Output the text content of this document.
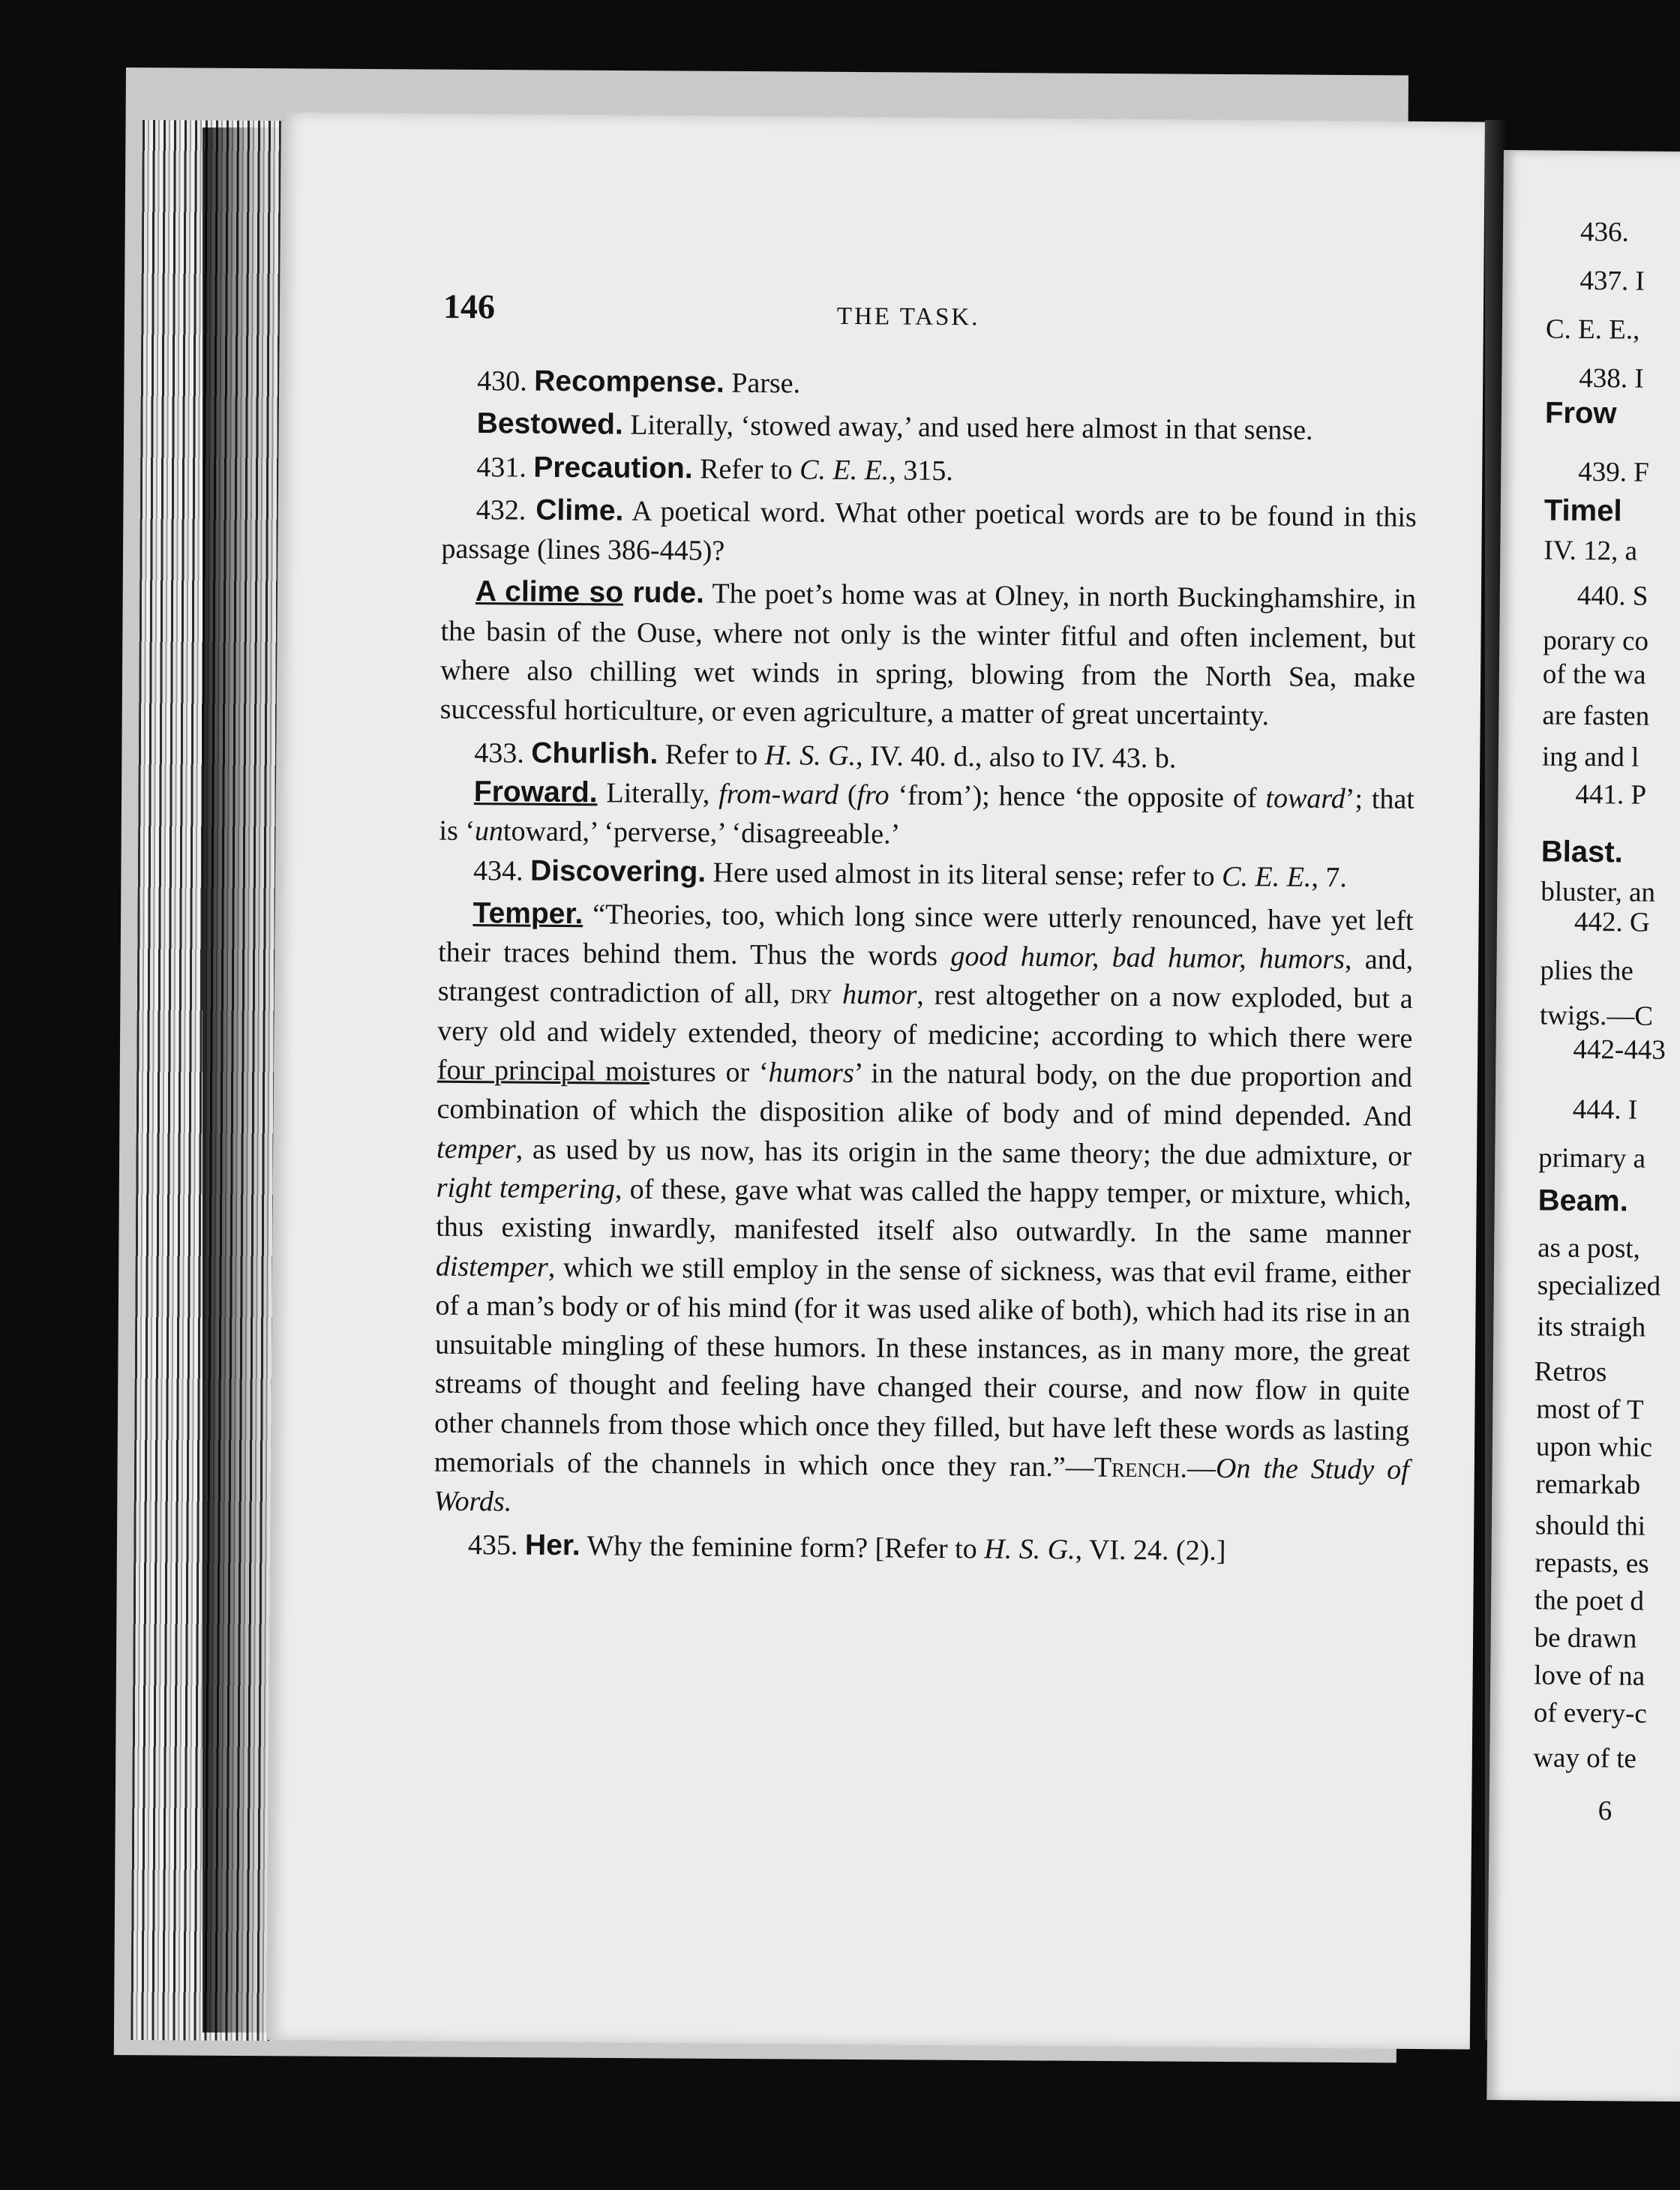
146	THE TASK.

430. Recompense. Parse.

Bestowed. Literally, ‘stowed away,’ and used here almost in that sense.

431. Precaution. Refer to C. E. E., 315.

432. Clime. A poetical word. What other poetical words are to be found in this passage (lines 386-445)?

A clime so rude. The poet’s home was at Olney, in north Buckinghamshire, in the basin of the Ouse, where not only is the winter fitful and often inclement, but where also chilling wet winds in spring, blowing from the North Sea, make successful horticulture, or even agriculture, a matter of great uncertainty.

433. Churlish. Refer to H. S. G., IV. 40. d., also to IV. 43. b.

Froward. Literally, from-ward (fro ‘from’); hence ‘the opposite of toward’; that is ‘untoward,’ ‘perverse,’ ‘disagreeable.’

434. Discovering. Here used almost in its literal sense; refer to C. E. E., 7.

Temper. “Theories, too, which long since were utterly renounced, have yet left their traces behind them. Thus the words good humor, bad humor, humors, and, strangest contradiction of all, dry humor, rest altogether on a now exploded, but a very old and widely extended, theory of medicine; according to which there were four principal moistures or ‘humors’ in the natural body, on the due proportion and combination of which the disposition alike of body and of mind depended. And temper, as used by us now, has its origin in the same theory; the due admixture, or right tempering, of these, gave what was called the happy temper, or mixture, which, thus existing inwardly, manifested itself also outwardly. In the same manner distemper, which we still employ in the sense of sickness, was that evil frame, either of a man’s body or of his mind (for it was used alike of both), which had its rise in an unsuitable mingling of these humors. In these instances, as in many more, the great streams of thought and feeling have changed their course, and now flow in quite other channels from those which once they filled, but have left these words as lasting memorials of the channels in which once they ran.”—Trench.—On the Study of Words.

435. Her. Why the feminine form? [Refer to H. S. G., VI. 24. (2).]

436.
437. I
C. E. E.,
438. I
Frow
439. F
Timel
IV. 12, a
440. S
porary co
of the wa
are fasten
ing and l
441. P
Blast.
bluster, an
442. G
plies the
twigs.—C
442-443
444. I
primary a
Beam.
as a post,
specialized
its straigh
Retros
most of T
upon whic
remarkab
should thi
repasts, es
the poet d
be drawn
love of na
of every-c
way of te
6
